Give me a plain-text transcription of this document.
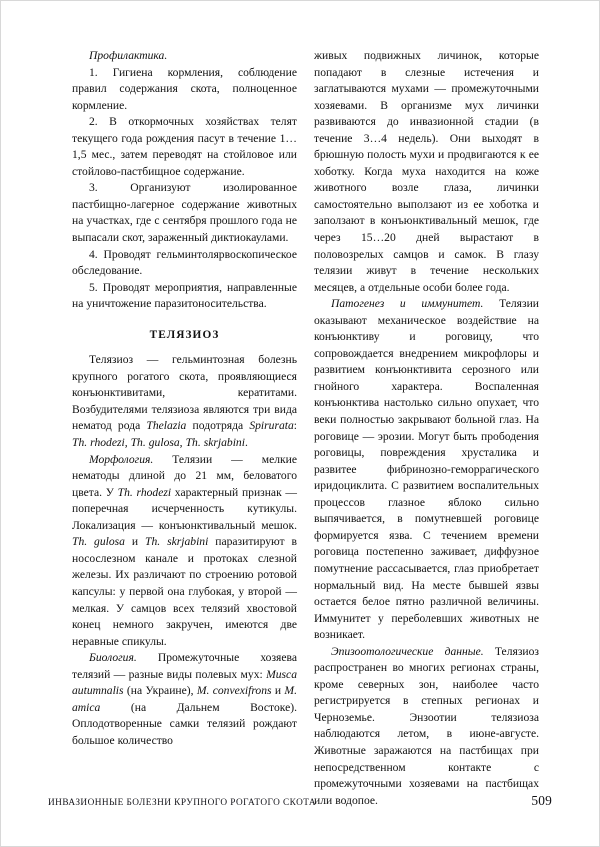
Профилактика.

1. Гигиена кормления, соблюдение правил содержания скота, полноценное кормление.

2. В откормочных хозяйствах телят текущего года рождения пасут в течение 1…1,5 мес., затем переводят на стойловое или стойлово-пастбищное содержание.

3. Организуют изолированное пастбищно-лагерное содержание животных на участках, где с сентября прошлого года не выпасали скот, зараженный диктиокаулами.

4. Проводят гельминтолярвоскопическое обследование.

5. Проводят мероприятия, направленные на уничтожение паразитоносительства.

ТЕЛЯЗИОЗ

Телязиоз — гельминтозная болезнь крупного рогатого скота, проявляющиеся конъюнктивитами, кератитами. Возбудителями телязиоза являются три вида нематод рода Thelazia подотряда Spirurata: Th. rhodezi, Th. gulosa, Th. skrjabini.

Морфология. Телязии — мелкие нематоды длиной до 21 мм, беловатого цвета. У Th. rhodezi характерный признак — поперечная исчерченность кутикулы. Локализация — конъюнктивальный мешок. Th. gulosa и Th. skrjabini паразитируют в носослезном канале и протоках слезной железы. Их различают по строению ротовой капсулы: у первой она глубокая, у второй — мелкая. У самцов всех телязий хвостовой конец немного закручен, имеются две неравные спикулы.

Биология. Промежуточные хозяева телязий — разные виды полевых мух: Musca autumnalis (на Украине), M. convexifrons и M. amica (на Дальнем Востоке). Оплодотворенные самки телязий рождают большое количество

живых подвижных личинок, которые попадают в слезные истечения и заглатываются мухами — промежуточными хозяевами. В организме мух личинки развиваются до инвазионной стадии (в течение 3…4 недель). Они выходят в брюшную полость мухи и продвигаются к ее хоботку. Когда муха находится на коже животного возле глаза, личинки самостоятельно выползают из ее хоботка и заползают в конъюнктивальный мешок, где через 15…20 дней вырастают в половозрелых самцов и самок. В глазу телязии живут в течение нескольких месяцев, а отдельные особи более года.

Патогенез и иммунитет. Телязии оказывают механическое воздействие на конъюнктиву и роговицу, что сопровождается внедрением микрофлоры и развитием конъюнктивита серозного или гнойного характера. Воспаленная конъюнктива настолько сильно опухает, что веки полностью закрывают больной глаз. На роговице — эрозии. Могут быть прободения роговицы, повреждения хрусталика и развитее фибринозно-геморрагического иридоциклита. С развитием воспалительных процессов глазное яблоко сильно выпячивается, в помутневшей роговице формируется язва. С течением времени роговица постепенно заживает, диффузное помутнение рассасывается, глаз приобретает нормальный вид. На месте бывшей язвы остается белое пятно различной величины. Иммунитет у переболевших животных не возникает.

Эпизоотологические данные. Телязиоз распространен во многих регионах страны, кроме северных зон, наиболее часто регистрируется в степных регионах и Черноземье. Энзоотии телязиоза наблюдаются летом, в июне-августе. Животные заражаются на пастбищах при непосредственном контакте с промежуточными хозяевами на пастбищах или водопое.

ИНВАЗИОННЫЕ БОЛЕЗНИ КРУПНОГО РОГАТОГО СКОТА	509
